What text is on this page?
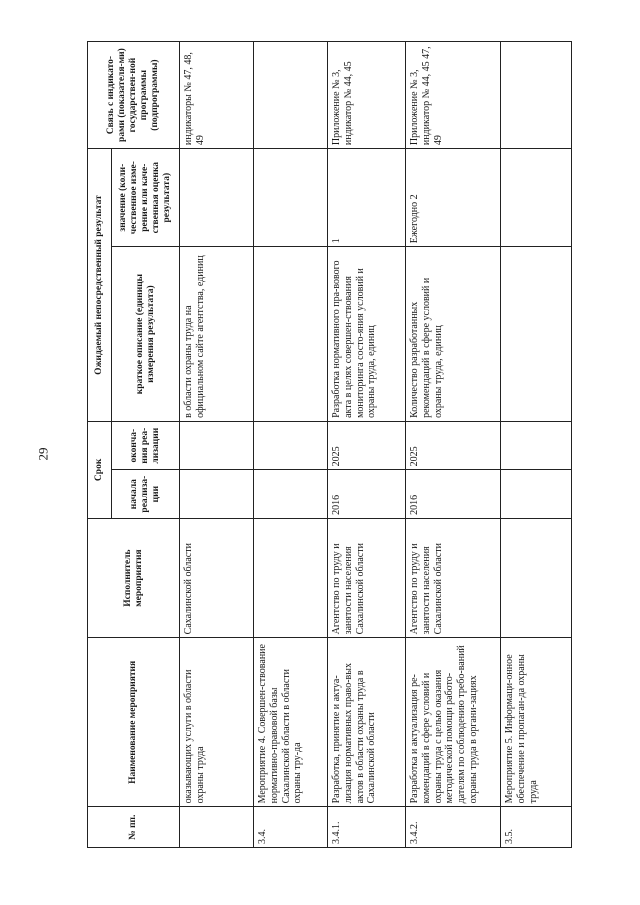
29
№ пп.	Наименование мероприятия	Исполнитель мероприятия	Срок		Ожидаемый непосредственный результат		Связь с индикато-рами (показателя-ми) государствен-ной программы (подпрограммы)
			начала реализа-ции	оконча-ния реа-лизации	краткое описание (единицы измерения результата)	значение (коли-чественное изме-рение или каче-ственная оценка результата)	
	оказывающих услуги в области охраны труда	Сахалинской области			в области охраны труда на официальном сайте агентства, единиц		индикаторы № 47, 48, 49
3.4.	Мероприятие 4. Совершен-ствование нормативно-правовой базы Сахалинской области в области охраны тру-да						
3.4.1.	Разработка, принятие и актуа-лизация нормативных право-вых актов в области охраны труда в Сахалинской области	Агентство по труду и занятости населения Сахалинской области	2016	2025	Разработка нормативного пра-вового акта в целях совершен-ствования мониторинга состо-яния условий и охраны труда, единиц	1	Приложение № 3, индикатор № 44, 45
3.4.2.	Разработка и актуализация ре-комендаций в сфере условий и охраны труда с целью оказания методической помощи работо-дателям по соблюдению требо-ваний охраны труда в органи-зациях	Агентство по труду и занятости населения Сахалинской области	2016	2025	Количество разработанных рекомендаций в сфере условий и охраны труда, единиц	Ежегодно 2	Приложение № 3, индикатор № 44, 45 47, 49
3.5.	Мероприятие 5. Информаци-онное обеспечение и пропаган-да охраны труда						
